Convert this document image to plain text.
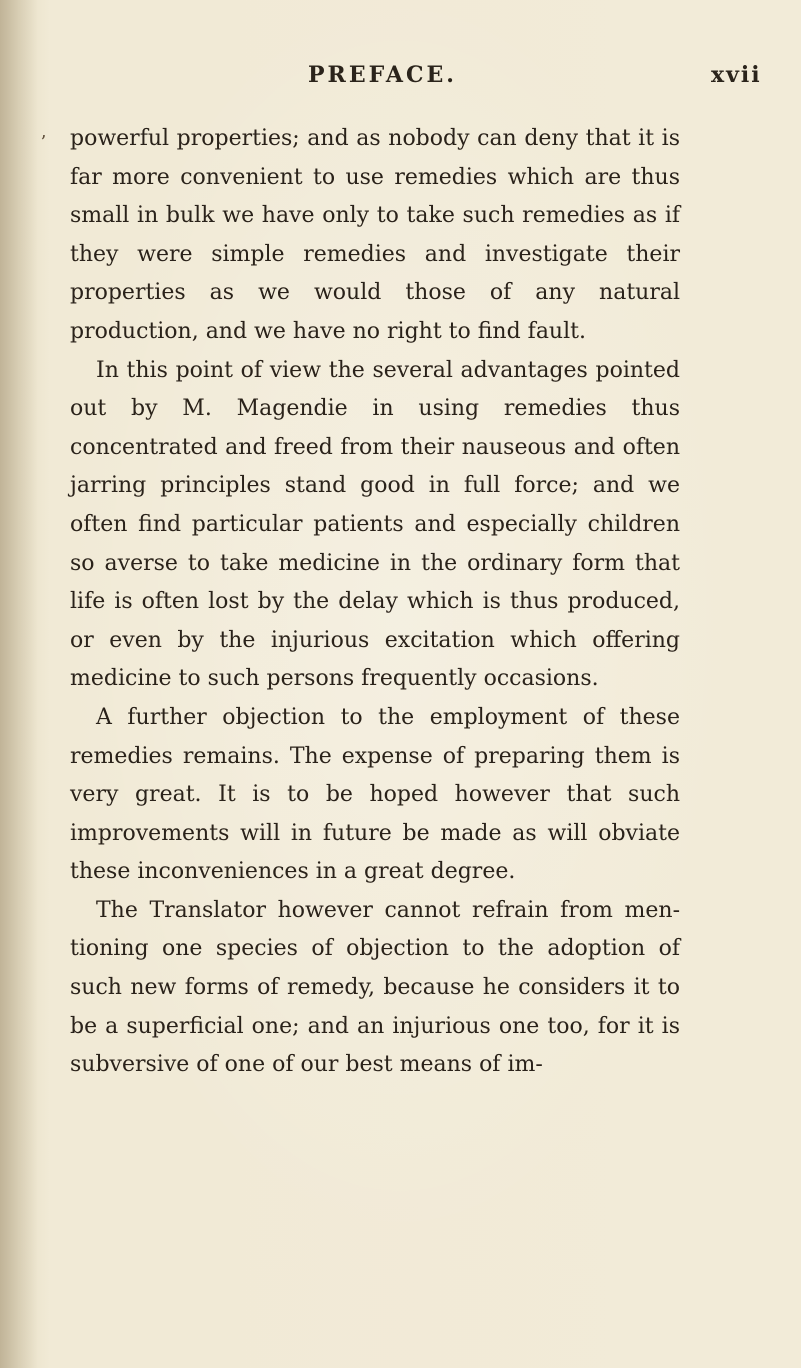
PREFACE.	xvii
ʼ powerful properties; and as nobody can deny that it is far more convenient to use remedies which are thus small in bulk we have only to take such remedies as if they were simple remedies and investigate their properties as we would those of any natural production, and we have no right to find fault.

In this point of view the several advantages pointed out by M. Magendie in using remedies thus concentrated and freed from their nauseous and often jarring principles stand good in full force; and we often find particular patients and especially children so averse to take medicine in the ordinary form that life is often lost by the delay which is thus produced, or even by the injurious excitation which offering medicine to such persons frequently occasions.

A further objection to the employment of these remedies remains. The expense of preparing them is very great. It is to be hoped however that such improvements will in future be made as will obviate these inconveniences in a great degree.

The Translator however cannot refrain from mentioning one species of objection to the adoption of such new forms of remedy, because he considers it to be a superficial one; and an injurious one too, for it is subversive of one of our best means of im-
